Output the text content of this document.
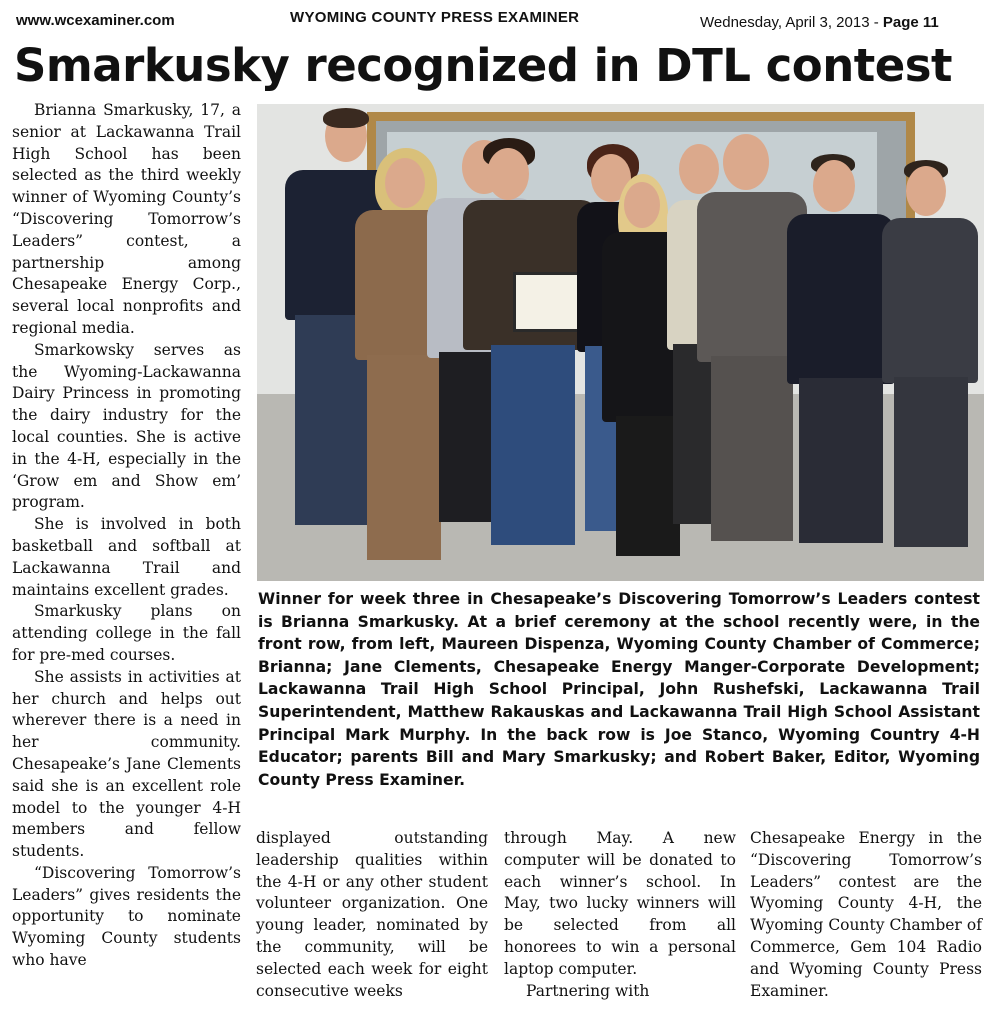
www.wcexaminer.com	WYOMING COUNTY PRESS EXAMINER	Wednesday, April 3, 2013 - Page 11
Smarkusky recognized in DTL contest

Brianna Smarkusky, 17, a senior at Lackawanna Trail High School has been selected as the third weekly winner of Wyoming County’s “Discovering Tomorrow’s Leaders” contest, a partnership among Chesapeake Energy Corp., several local nonprofits and regional media.

Smarkowsky serves as the Wyoming-Lackawanna Dairy Princess in promoting the dairy industry for the local counties. She is active in the 4-H, especially in the ‘Grow em and Show em’ program.

She is involved in both basketball and softball at Lackawanna Trail and maintains excellent grades.

Smarkusky plans on attending college in the fall for pre-med courses.

She assists in activities at her church and helps out wherever there is a need in her community. Chesapeake’s Jane Clements said she is an excellent role model to the younger 4-H members and fellow students.

“Discovering Tomorrow’s Leaders” gives residents the opportunity to nominate Wyoming County students who have

Winner for week three in Chesapeake’s Discovering Tomorrow’s Leaders contest is Brianna Smarkusky. At a brief ceremony at the school recently were, in the front row, from left, Maureen Dispenza, Wyoming County Chamber of Commerce; Brianna; Jane Clements, Chesapeake Energy Manger-Corporate Development; Lackawanna Trail High School Principal, John Rushefski, Lackawanna Trail Superintendent, Matthew Rakauskas and Lackawanna Trail High School Assistant Principal Mark Murphy. In the back row is Joe Stanco, Wyoming Country 4-H Educator; parents Bill and Mary Smarkusky; and Robert Baker, Editor, Wyoming County Press Examiner.

displayed outstanding leadership qualities within the 4-H or any other student volunteer organization. One young leader, nominated by the community, will be selected each week for eight consecutive weeks

through May. A new computer will be donated to each winner’s school. In May, two lucky winners will be selected from all honorees to win a personal laptop computer.

Partnering with

Chesapeake Energy in the “Discovering Tomorrow’s Leaders” contest are the Wyoming County 4-H, the Wyoming County Chamber of Commerce, Gem 104 Radio and Wyoming County Press Examiner.
